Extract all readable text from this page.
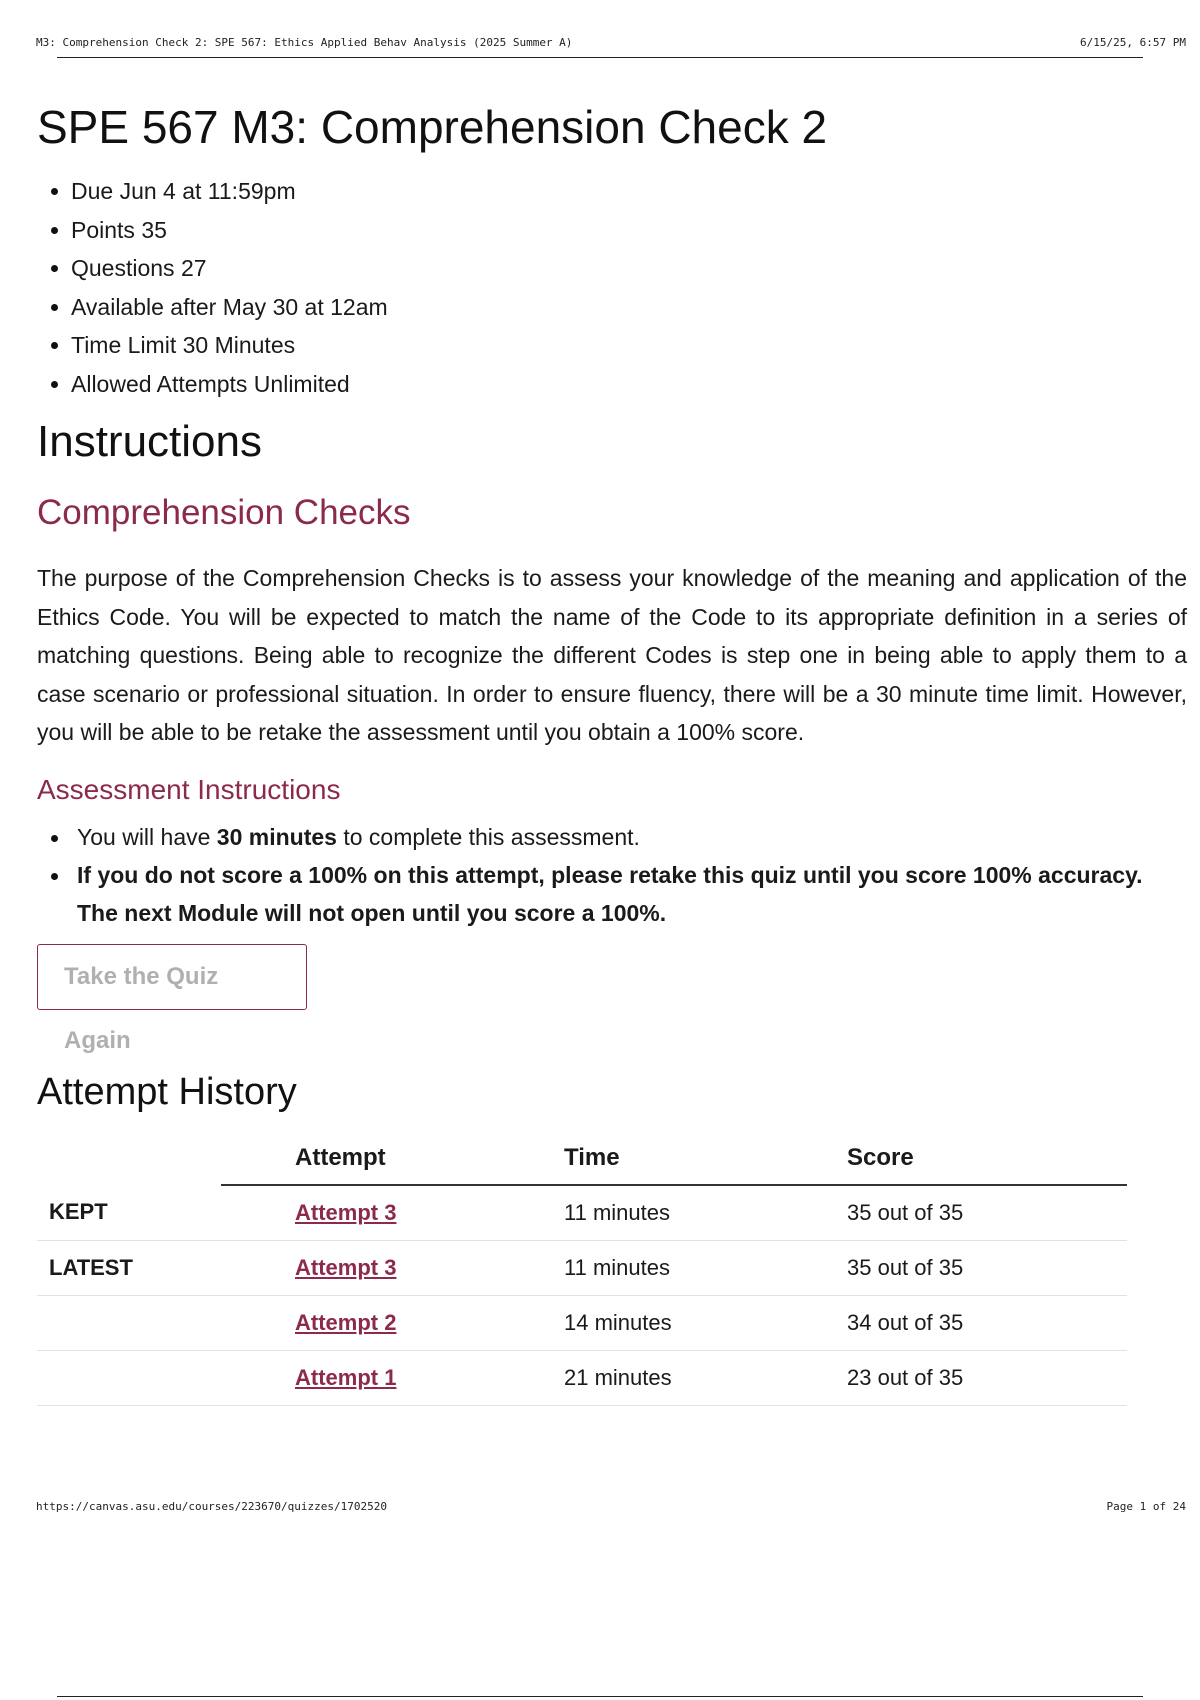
M3: Comprehension Check 2: SPE 567: Ethics Applied Behav Analysis (2025 Summer A)	6/15/25, 6:57 PM
SPE 567 M3: Comprehension Check 2
Due Jun 4 at 11:59pm
Points 35
Questions 27
Available after May 30 at 12am
Time Limit 30 Minutes
Allowed Attempts Unlimited
Instructions
Comprehension Checks

The purpose of the Comprehension Checks is to assess your knowledge of the meaning and application of the Ethics Code. You will be expected to match the name of the Code to its appropriate definition in a series of matching questions. Being able to recognize the different Codes is step one in being able to apply them to a case scenario or professional situation. In order to ensure fluency, there will be a 30 minute time limit. However, you will be able to be retake the assessment until you obtain a 100% score.

Assessment Instructions
You will have 30 minutes to complete this assessment.
If you do not score a 100% on this attempt, please retake this quiz until you score 100% accuracy. The next Module will not open until you score a 100%.
Take the Quiz Again
Attempt History
	Attempt	Time	Score
KEPT	Attempt 3	11 minutes	35 out of 35
LATEST	Attempt 3	11 minutes	35 out of 35
	Attempt 2	14 minutes	34 out of 35
	Attempt 1	21 minutes	23 out of 35
https://canvas.asu.edu/courses/223670/quizzes/1702520	Page 1 of 24
